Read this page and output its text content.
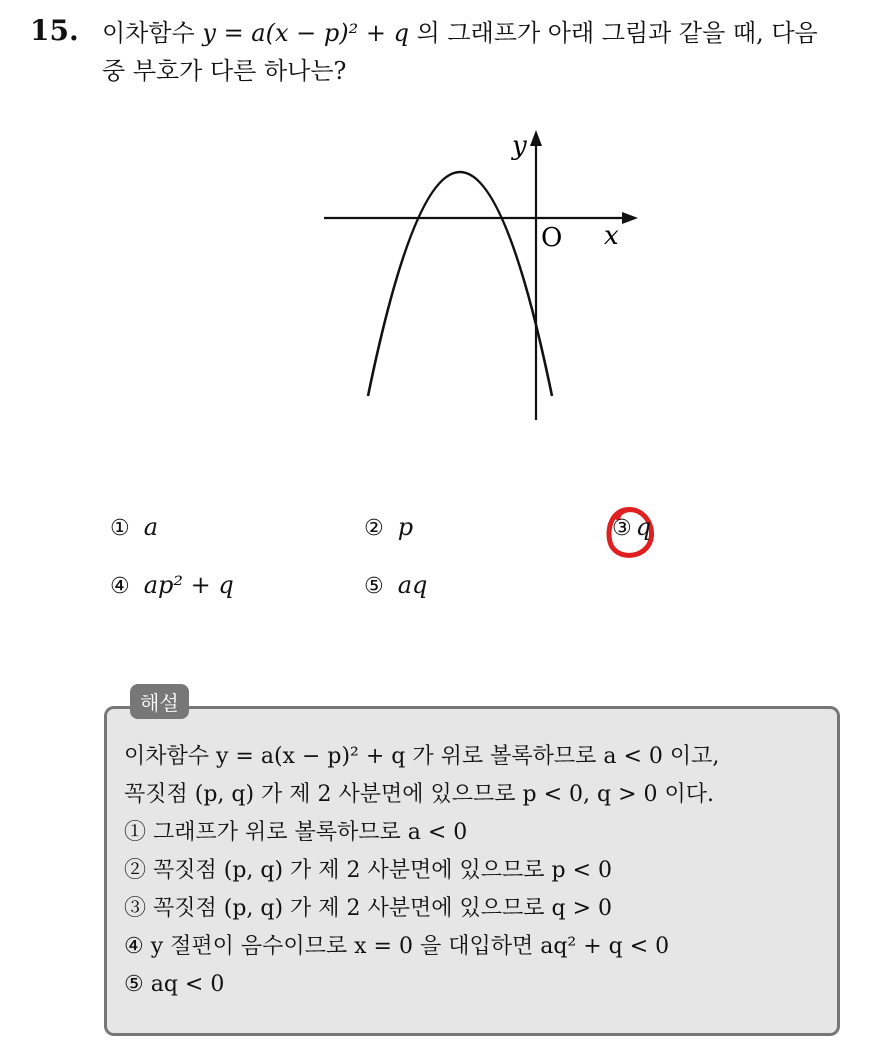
15. 이차함수 y = a(x − p)² + q 의 그래프가 아래 그림과 같을 때, 다음
중 부호가 다른 하나는?
y
x
O
① a	② p	③ q
④ ap² + q	⑤ aq
해설
이차함수 y = a(x − p)² + q 가 위로 볼록하므로 a < 0 이고,
꼭짓점 (p, q) 가 제 2 사분면에 있으므로 p < 0, q > 0 이다.
① 그래프가 위로 볼록하므로 a < 0
② 꼭짓점 (p, q) 가 제 2 사분면에 있으므로 p < 0
③ 꼭짓점 (p, q) 가 제 2 사분면에 있으므로 q > 0
④ y 절편이 음수이므로 x = 0 을 대입하면 aq² + q < 0
⑤ aq < 0
